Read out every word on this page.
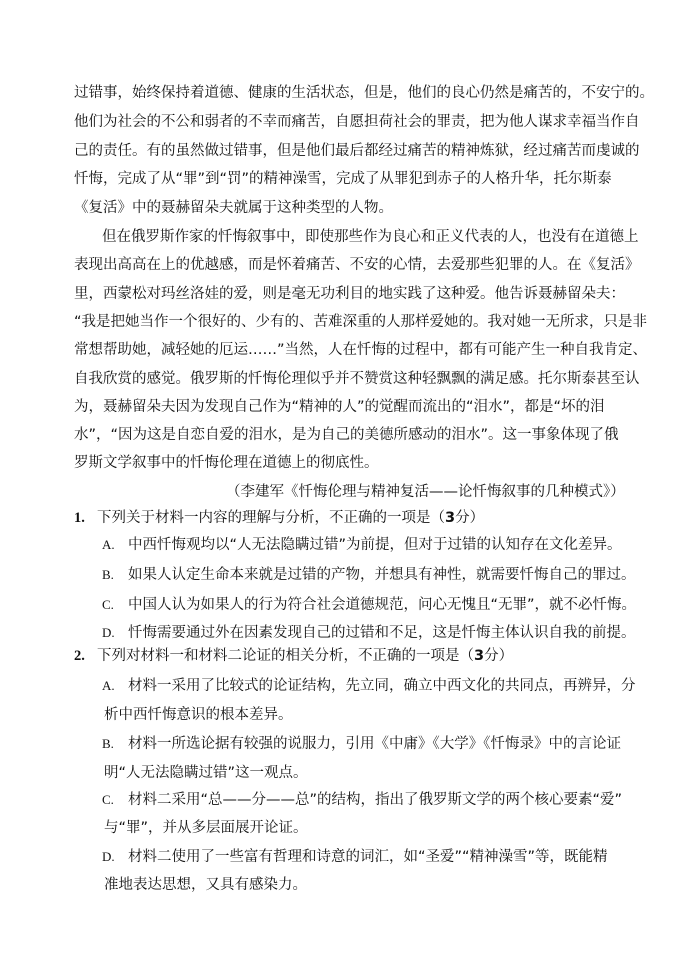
过错事，始终保持着道德、健康的生活状态，但是，他们的良心仍然是痛苦的，不安宁的。
他们为社会的不公和弱者的不幸而痛苦，自愿担荷社会的罪责，把为他人谋求幸福当作自
己的责任。有的虽然做过错事，但是他们最后都经过痛苦的精神炼狱，经过痛苦而虔诚的
忏悔，完成了从“罪”到“罚”的精神澡雪，完成了从罪犯到赤子的人格升华，托尔斯泰
《复活》中的聂赫留朵夫就属于这种类型的人物。
但在俄罗斯作家的忏悔叙事中，即使那些作为良心和正义代表的人，也没有在道德上
表现出高高在上的优越感，而是怀着痛苦、不安的心情，去爱那些犯罪的人。在《复活》
里，西蒙松对玛丝洛娃的爱，则是毫无功利目的地实践了这种爱。他告诉聂赫留朵夫：
“我是把她当作一个很好的、少有的、苦难深重的人那样爱她的。我对她一无所求，只是非
常想帮助她，减轻她的厄运……”当然，人在忏悔的过程中，都有可能产生一种自我肯定、
自我欣赏的感觉。俄罗斯的忏悔伦理似乎并不赞赏这种轻飘飘的满足感。托尔斯泰甚至认
为，聂赫留朵夫因为发现自己作为“精神的人”的觉醒而流出的“泪水”，都是“坏的泪
水”，“因为这是自恋自爱的泪水，是为自己的美德所感动的泪水”。这一事象体现了俄
罗斯文学叙事中的忏悔伦理在道德上的彻底性。
（李建军《忏悔伦理与精神复活——论忏悔叙事的几种模式》）
1. 下列关于材料一内容的理解与分析，不正确的一项是（3分）
A. 中西忏悔观均以“人无法隐瞒过错”为前提，但对于过错的认知存在文化差异。
B. 如果人认定生命本来就是过错的产物，并想具有神性，就需要忏悔自己的罪过。
C. 中国人认为如果人的行为符合社会道德规范，问心无愧且“无罪”，就不必忏悔。
D. 忏悔需要通过外在因素发现自己的过错和不足，这是忏悔主体认识自我的前提。
2. 下列对材料一和材料二论证的相关分析，不正确的一项是（3分）
A. 材料一采用了比较式的论证结构，先立同，确立中西文化的共同点，再辨异，分
析中西忏悔意识的根本差异。
B. 材料一所选论据有较强的说服力，引用《中庸》《大学》《忏悔录》中的言论证
明“人无法隐瞒过错”这一观点。
C. 材料二采用“总——分——总”的结构，指出了俄罗斯文学的两个核心要素“爱”
与“罪”，并从多层面展开论证。
D. 材料二使用了一些富有哲理和诗意的词汇，如“圣爱”“精神澡雪”等，既能精
准地表达思想，又具有感染力。
